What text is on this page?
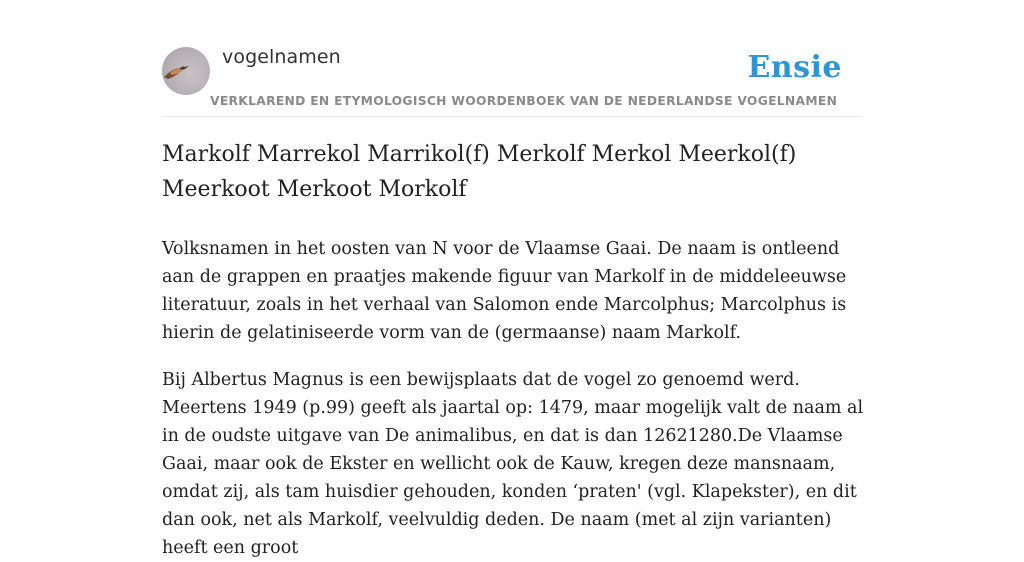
vogelnamen	Ensie
VERKLAREND EN ETYMOLOGISCH WOORDENBOEK VAN DE NEDERLANDSE VOGELNAMEN
Markolf Marrekol Marrikol(f) Merkolf Merkol Meerkol(f) Meerkoot Merkoot Morkolf

Volksnamen in het oosten van N voor de Vlaamse Gaai. De naam is ontleend aan de grappen en praatjes makende figuur van Markolf in de middeleeuwse literatuur, zoals in het verhaal van Salomon ende Marcolphus; Marcolphus is hierin de gelatiniseerde vorm van de (germaanse) naam Markolf.

Bij Albertus Magnus is een bewijsplaats dat de vogel zo genoemd werd. Meertens 1949 (p.99) geeft als jaartal op: 1479, maar mogelijk valt de naam al in de oudste uitgave van De animalibus, en dat is dan 12621280.De Vlaamse Gaai, maar ook de Ekster en wellicht ook de Kauw, kregen deze mansnaam, omdat zij, als tam huisdier gehouden, konden ‘praten' (vgl. Klapekster), en dit dan ook, net als Markolf, veelvuldig deden. De naam (met al zijn varianten) heeft een groot
